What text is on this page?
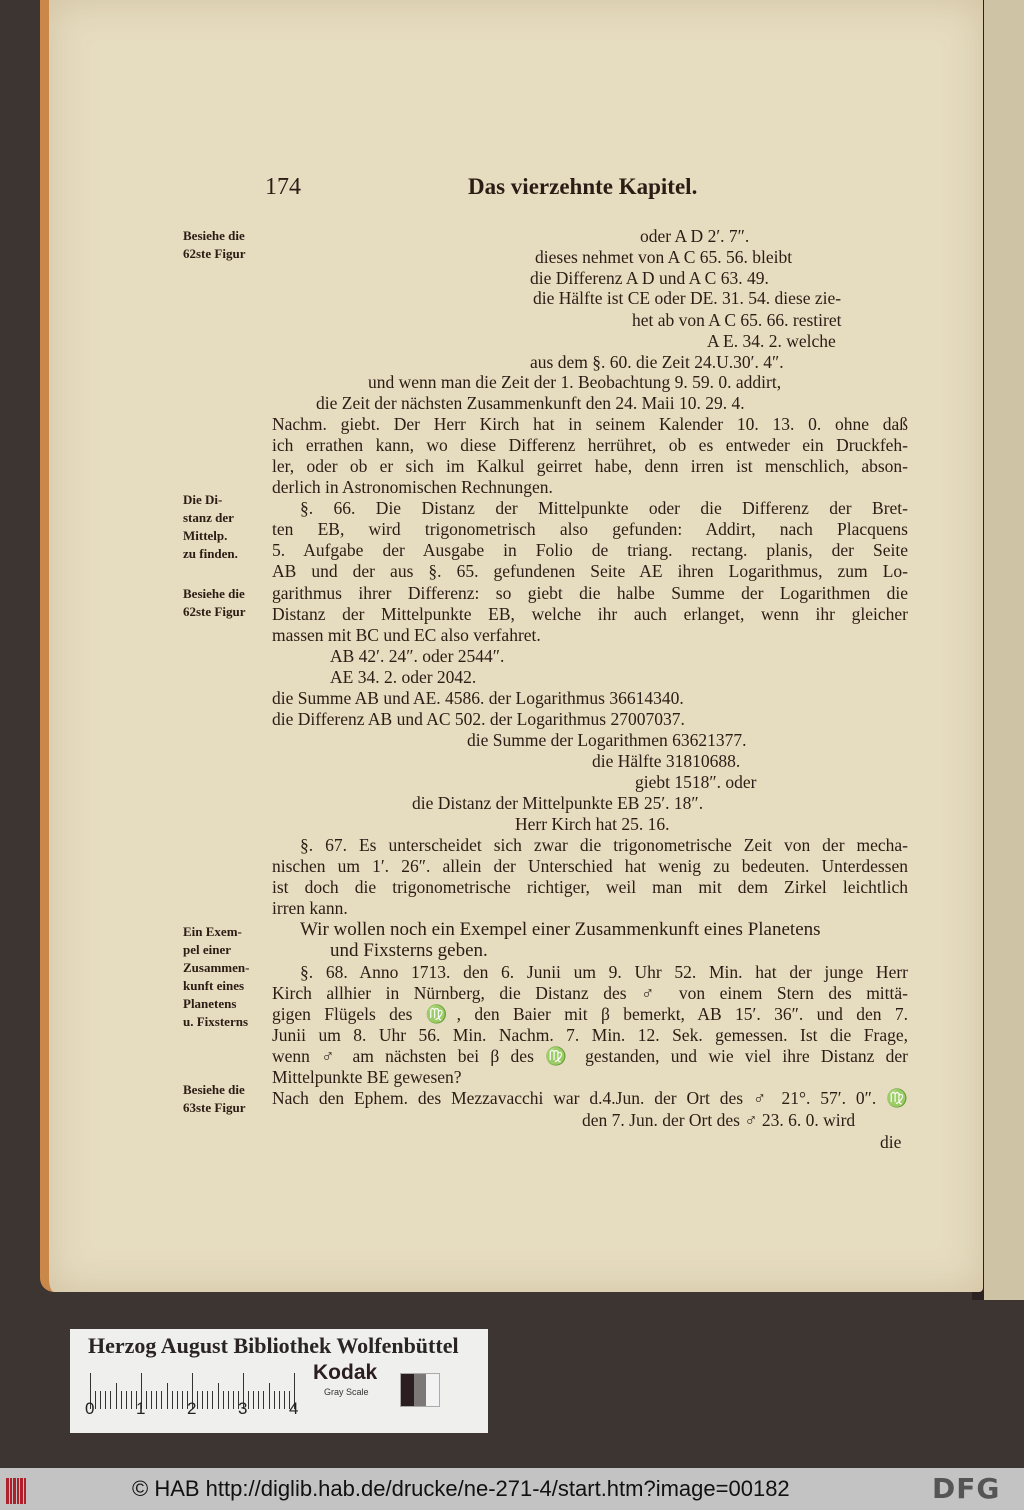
174	Das vierzehnte Kapitel.
oder A D 2′. 7″.
dieses nehmet von A C 65. 56. bleibt
die Differenz A D und A C 63. 49.
die Hälfte ist CE oder DE. 31. 54. diese zie-
het ab von A C 65. 66. restiret
A E. 34. 2. welche
aus dem §. 60. die Zeit 24.U.30′. 4″.
und wenn man die Zeit der 1. Beobachtung 9. 59. 0. addirt,
die Zeit der nächsten Zusammenkunft den 24. Maii 10. 29. 4.
Nachm. giebt. Der Herr Kirch hat in seinem Kalender 10. 13. 0. ohne daß
ich errathen kann, wo diese Differenz herrühret, ob es entweder ein Druckfeh-
ler, oder ob er sich im Kalkul geirret habe, denn irren ist menschlich, abson-
derlich in Astronomischen Rechnungen.
§. 66. Die Distanz der Mittelpunkte oder die Differenz der Bret-
ten EB, wird trigonometrisch also gefunden: Addirt, nach Placquens
5. Aufgabe der Ausgabe in Folio de triang. rectang. planis, der Seite
AB und der aus §. 65. gefundenen Seite AE ihren Logarithmus, zum Lo-
garithmus ihrer Differenz: so giebt die halbe Summe der Logarithmen die
Distanz der Mittelpunkte EB, welche ihr auch erlanget, wenn ihr gleicher
massen mit BC und EC also verfahret.
AB 42′. 24″. oder 2544″.
AE 34. 2. oder 2042.
die Summe AB und AE. 4586. der Logarithmus 36614340.
die Differenz AB und AC 502. der Logarithmus 27007037.
die Summe der Logarithmen 63621377.
die Hälfte 31810688.
giebt 1518″. oder
die Distanz der Mittelpunkte EB 25′. 18″.
Herr Kirch hat 25. 16.
§. 67. Es unterscheidet sich zwar die trigonometrische Zeit von der mecha-
nischen um 1′. 26″. allein der Unterschied hat wenig zu bedeuten. Unterdessen
ist doch die trigonometrische richtiger, weil man mit dem Zirkel leichtlich
irren kann.
Wir wollen noch ein Exempel einer Zusammenkunft eines Planetens
und Fixsterns geben.
§. 68. Anno 1713. den 6. Junii um 9. Uhr 52. Min. hat der junge Herr
Kirch allhier in Nürnberg, die Distanz des ♂ von einem Stern des mittä-
gigen Flügels des ♍, den Baier mit β bemerkt, AB 15′. 36″. und den 7.
Junii um 8. Uhr 56. Min. Nachm. 7. Min. 12. Sek. gemessen. Ist die Frage,
wenn ♂ am nächsten bei β des ♍ gestanden, und wie viel ihre Distanz der
Mittelpunkte BE gewesen?
Nach den Ephem. des Mezzavacchi war d.4.Jun. der Ort des ♂ 21°. 57′. 0″. ♍
den 7. Jun. der Ort des ♂ 23. 6. 0. wird
die
Besiehe die
62ste Figur
Die Di-
stanz der
Mittelp.
zu finden.
Besiehe die
62ste Figur
Ein Exem-
pel einer
Zusammen-
kunft eines
Planetens
u. Fixsterns
Besiehe die
63ste Figur
Herzog August Bibliothek Wolfenbüttel
Kodak
Gray Scale
0 1 2 3 4
© HAB http://diglib.hab.de/drucke/ne-271-4/start.htm?image=00182	DFG
